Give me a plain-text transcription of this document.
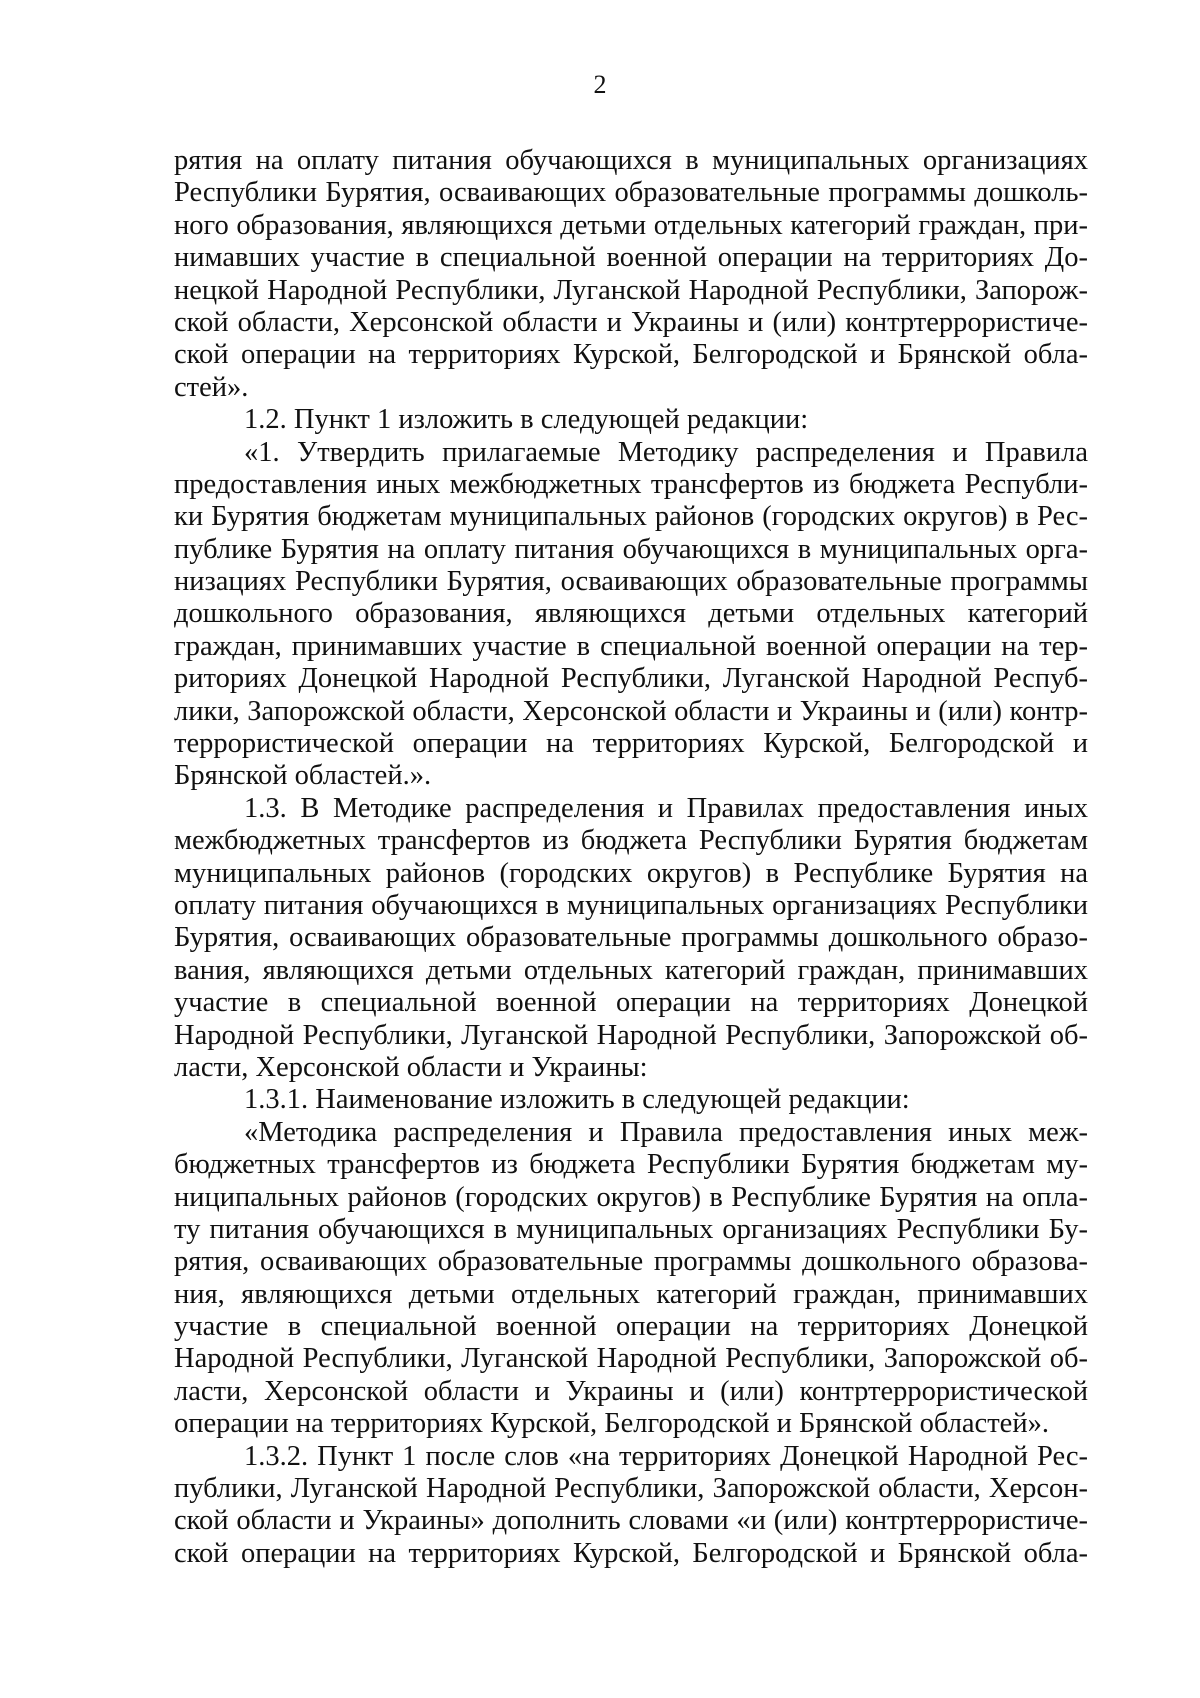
2
рятия на оплату питания обучающихся в муниципальных организациях
Республики Бурятия, осваивающих образовательные программы дошколь-
ного образования, являющихся детьми отдельных категорий граждан, при-
нимавших участие в специальной военной операции на территориях До-
нецкой Народной Республики, Луганской Народной Республики, Запорож-
ской области, Херсонской области и Украины и (или) контртеррористиче-
ской операции на территориях Курской, Белгородской и Брянской обла-
стей».
1.2. Пункт 1 изложить в следующей редакции:
«1. Утвердить прилагаемые Методику распределения и Правила
предоставления иных межбюджетных трансфертов из бюджета Республи-
ки Бурятия бюджетам муниципальных районов (городских округов) в Рес-
публике Бурятия на оплату питания обучающихся в муниципальных орга-
низациях Республики Бурятия, осваивающих образовательные программы
дошкольного образования, являющихся детьми отдельных категорий
граждан, принимавших участие в специальной военной операции на тер-
риториях Донецкой Народной Республики, Луганской Народной Респуб-
лики, Запорожской области, Херсонской области и Украины и (или) контр-
террористической операции на территориях Курской, Белгородской и
Брянской областей.».
1.3. В Методике распределения и Правилах предоставления иных
межбюджетных трансфертов из бюджета Республики Бурятия бюджетам
муниципальных районов (городских округов) в Республике Бурятия на
оплату питания обучающихся в муниципальных организациях Республики
Бурятия, осваивающих образовательные программы дошкольного образо-
вания, являющихся детьми отдельных категорий граждан, принимавших
участие в специальной военной операции на территориях Донецкой
Народной Республики, Луганской Народной Республики, Запорожской об-
ласти, Херсонской области и Украины:
1.3.1. Наименование изложить в следующей редакции:
«Методика распределения и Правила предоставления иных меж-
бюджетных трансфертов из бюджета Республики Бурятия бюджетам му-
ниципальных районов (городских округов) в Республике Бурятия на опла-
ту питания обучающихся в муниципальных организациях Республики Бу-
рятия, осваивающих образовательные программы дошкольного образова-
ния, являющихся детьми отдельных категорий граждан, принимавших
участие в специальной военной операции на территориях Донецкой
Народной Республики, Луганской Народной Республики, Запорожской об-
ласти, Херсонской области и Украины и (или) контртеррористической
операции на территориях Курской, Белгородской и Брянской областей».
1.3.2. Пункт 1 после слов «на территориях Донецкой Народной Рес-
публики, Луганской Народной Республики, Запорожской области, Херсон-
ской области и Украины» дополнить словами «и (или) контртеррористиче-
ской операции на территориях Курской, Белгородской и Брянской обла-
